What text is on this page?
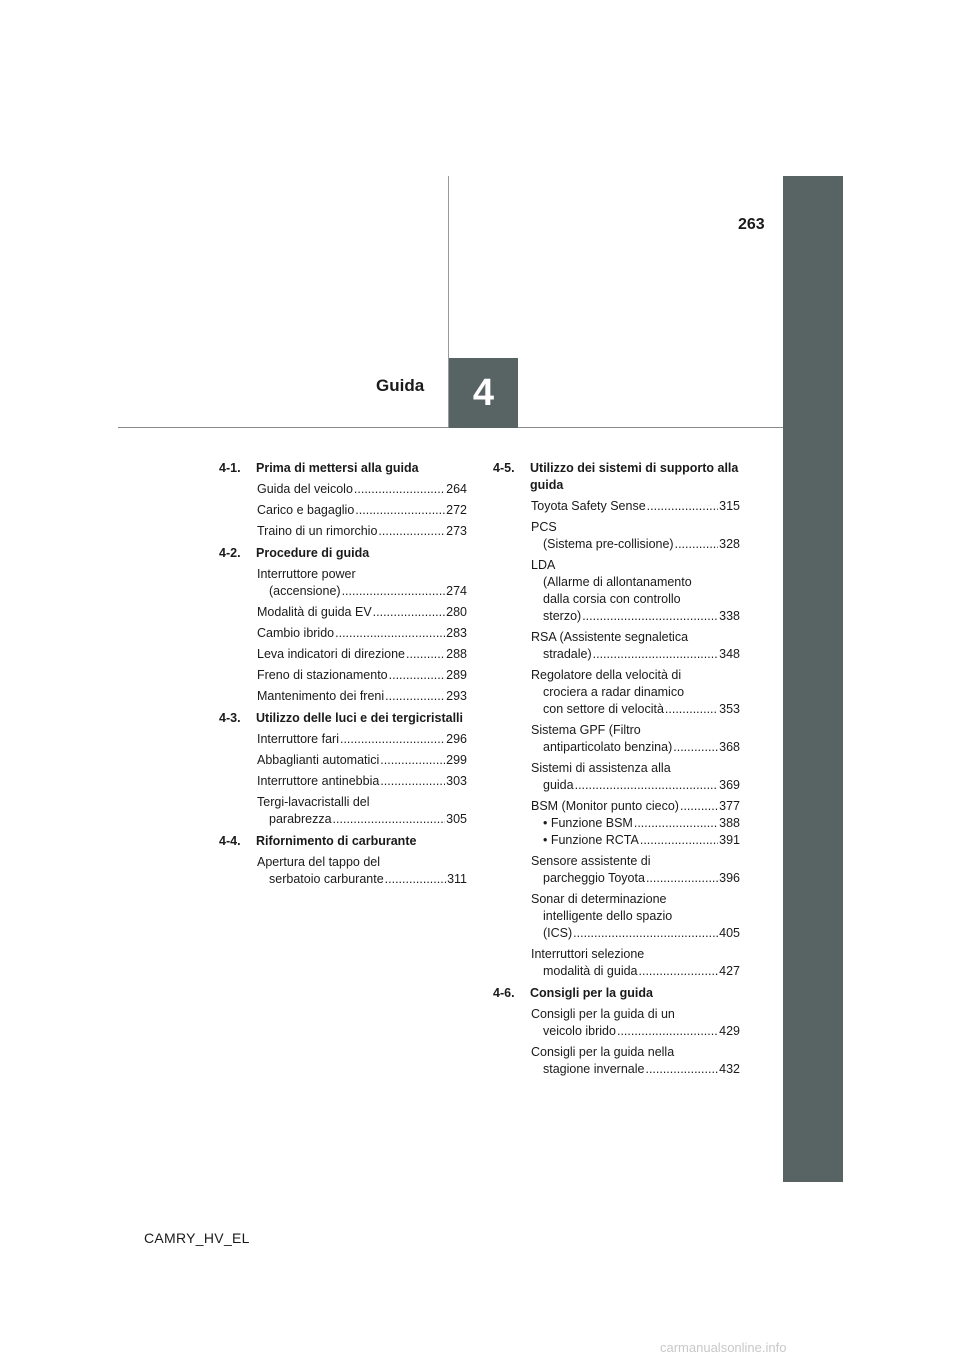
4
Guida
263
4-1.	Prima di mettersi alla guida
Guida del veicolo .....	264
Carico e bagaglio .....	272
Traino di un rimorchio .....	273
4-2.	Procedure di guida
Interruttore power
(accensione) .....	274
Modalità di guida EV .....	280
Cambio ibrido .....	283
Leva indicatori di direzione .....	288
Freno di stazionamento .....	289
Mantenimento dei freni .....	293
4-3.	Utilizzo delle luci e dei tergicristalli
Interruttore fari .....	296
Abbaglianti automatici .....	299
Interruttore antinebbia .....	303
Tergi-lavacristalli del
parabrezza .....	305
4-4.	Rifornimento di carburante
Apertura del tappo del
serbatoio carburante .....	311
4-5.	Utilizzo dei sistemi di supporto alla guida
Toyota Safety Sense .....	315
PCS
(Sistema pre-collisione) .....	328
LDA
(Allarme di allontanamento
dalla corsia con controllo
sterzo) .....	338
RSA (Assistente segnaletica
stradale) .....	348
Regolatore della velocità di
crociera a radar dinamico
con settore di velocità .....	353
Sistema GPF (Filtro
antiparticolato benzina) .....	368
Sistemi di assistenza alla
guida .....	369
BSM (Monitor punto cieco) .....	377
• Funzione BSM .....	388
• Funzione RCTA .....	391
Sensore assistente di
parcheggio Toyota .....	396
Sonar di determinazione
intelligente dello spazio
(ICS) .....	405
Interruttori selezione
modalità di guida .....	427
4-6.	Consigli per la guida
Consigli per la guida di un
veicolo ibrido .....	429
Consigli per la guida nella
stagione invernale .....	432
CAMRY_HV_EL
carmanualsonline.info
